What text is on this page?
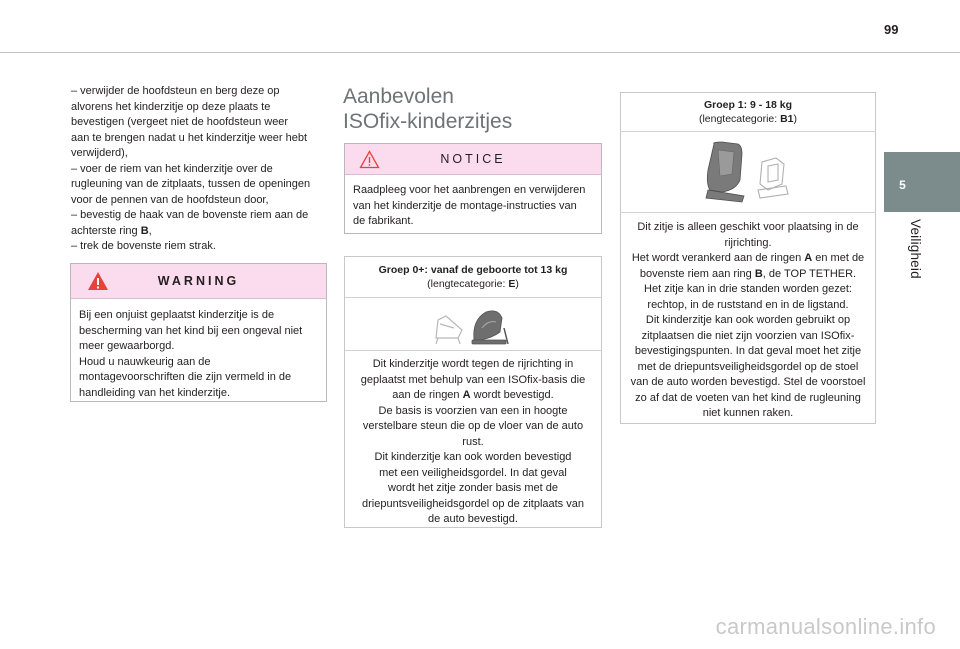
99
5
Veiligheid

– verwijder de hoofdsteun en berg deze op

alvorens het kinderzitje op deze plaats te

bevestigen (vergeet niet de hoofdsteun weer

aan te brengen nadat u het kinderzitje weer hebt

verwijderd),

– voer de riem van het kinderzitje over de

rugleuning van de zitplaats, tussen de openingen

voor de pennen van de hoofdsteun door,

– bevestig de haak van de bovenste riem aan de

achterste ring B,

– trek de bovenste riem strak.

WARNING

Bij een onjuist geplaatst kinderzitje is de

bescherming van het kind bij een ongeval niet

meer gewaarborgd.

Houd u nauwkeurig aan de

montagevoorschriften die zijn vermeld in de

handleiding van het kinderzitje.

Aanbevolen
ISOfix-kinderzitjes
NOTICE

Raadpleeg voor het aanbrengen en verwijderen

van het kinderzitje de montage-instructies van

de fabrikant.

Groep 0+: vanaf de geboorte tot 13 kg
(lengtecategorie: E)

Dit kinderzitje wordt tegen de rijrichting in

geplaatst met behulp van een ISOfix-basis die

aan de ringen A wordt bevestigd.

De basis is voorzien van een in hoogte

verstelbare steun die op de vloer van de auto

rust.

Dit kinderzitje kan ook worden bevestigd

met een veiligheidsgordel. In dat geval

wordt het zitje zonder basis met de

driepuntsveiligheidsgordel op de zitplaats van

de auto bevestigd.

Groep 1: 9 - 18 kg
(lengtecategorie: B1)

Dit zitje is alleen geschikt voor plaatsing in de

rijrichting.

Het wordt verankerd aan de ringen A en met de

bovenste riem aan ring B, de TOP TETHER.

Het zitje kan in drie standen worden gezet:

rechtop, in de ruststand en in de ligstand.

Dit kinderzitje kan ook worden gebruikt op

zitplaatsen die niet zijn voorzien van ISOfix-

bevestigingspunten. In dat geval moet het zitje

met de driepuntsveiligheidsgordel op de stoel

van de auto worden bevestigd. Stel de voorstoel

zo af dat de voeten van het kind de rugleuning

niet kunnen raken.

carmanualsonline.info
